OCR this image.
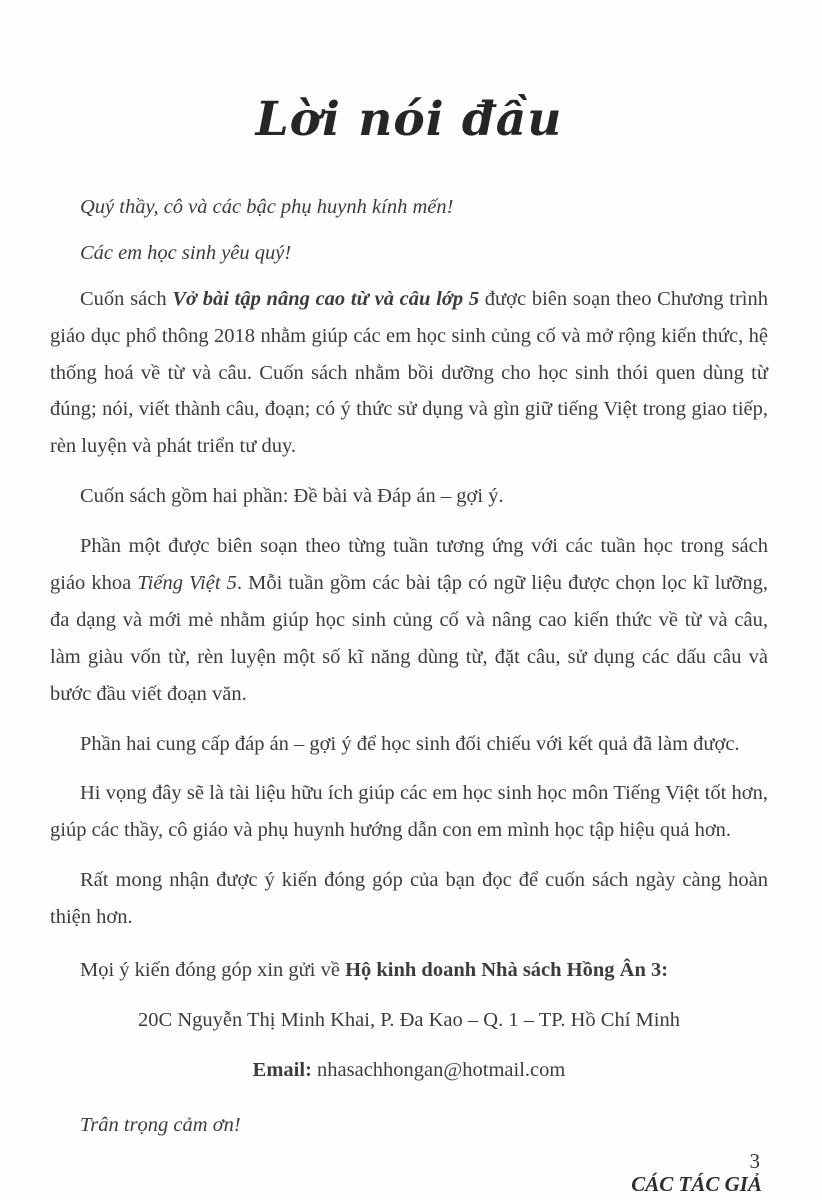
Lời nói đầu

Quý thầy, cô và các bậc phụ huynh kính mến!

Các em học sinh yêu quý!

Cuốn sách Vở bài tập nâng cao từ và câu lớp 5 được biên soạn theo Chương trình giáo dục phổ thông 2018 nhằm giúp các em học sinh củng cố và mở rộng kiến thức, hệ thống hoá về từ và câu. Cuốn sách nhằm bồi dưỡng cho học sinh thói quen dùng từ đúng; nói, viết thành câu, đoạn; có ý thức sử dụng và gìn giữ tiếng Việt trong giao tiếp, rèn luyện và phát triển tư duy.

Cuốn sách gồm hai phần: Đề bài và Đáp án – gợi ý.

Phần một được biên soạn theo từng tuần tương ứng với các tuần học trong sách giáo khoa Tiếng Việt 5. Mỗi tuần gồm các bài tập có ngữ liệu được chọn lọc kĩ lưỡng, đa dạng và mới mẻ nhằm giúp học sinh củng cố và nâng cao kiến thức về từ và câu, làm giàu vốn từ, rèn luyện một số kĩ năng dùng từ, đặt câu, sử dụng các dấu câu và bước đầu viết đoạn văn.

Phần hai cung cấp đáp án – gợi ý để học sinh đối chiếu với kết quả đã làm được.

Hi vọng đây sẽ là tài liệu hữu ích giúp các em học sinh học môn Tiếng Việt tốt hơn, giúp các thầy, cô giáo và phụ huynh hướng dẫn con em mình học tập hiệu quả hơn.

Rất mong nhận được ý kiến đóng góp của bạn đọc để cuốn sách ngày càng hoàn thiện hơn.

Mọi ý kiến đóng góp xin gửi về Hộ kinh doanh Nhà sách Hồng Ân 3:

20C Nguyễn Thị Minh Khai, P. Đa Kao – Q. 1 – TP. Hồ Chí Minh

Email: nhasachhongan@hotmail.com

Trân trọng cảm ơn!

CÁC TÁC GIẢ

3
